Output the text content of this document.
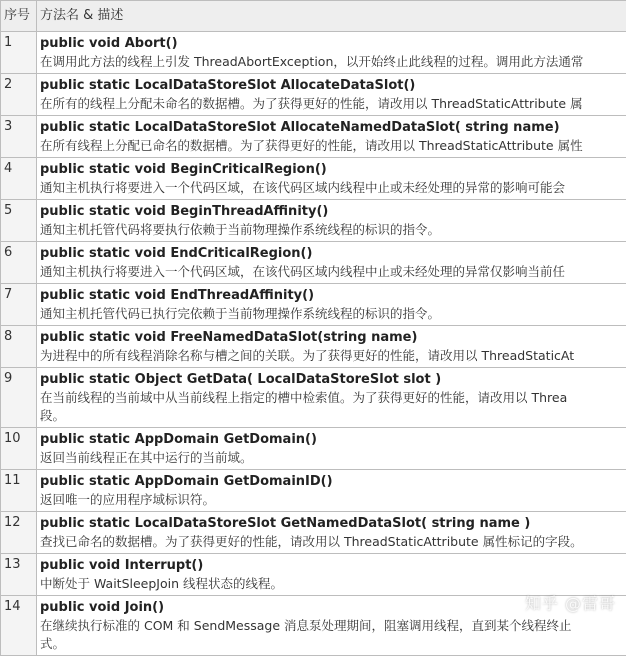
序号	方法名 & 描述
1	public void Abort()
在调用此方法的线程上引发 ThreadAbortException，以开始终止此线程的过程。调用此方法通常

2	public static LocalDataStoreSlot AllocateDataSlot()
在所有的线程上分配未命名的数据槽。为了获得更好的性能，请改用以 ThreadStaticAttribute 属

3	public static LocalDataStoreSlot AllocateNamedDataSlot( string name)
在所有线程上分配已命名的数据槽。为了获得更好的性能，请改用以 ThreadStaticAttribute 属性

4	public static void BeginCriticalRegion()
通知主机执行将要进入一个代码区域，在该代码区域内线程中止或未经处理的异常的影响可能会

5	public static void BeginThreadAffinity()
通知主机托管代码将要执行依赖于当前物理操作系统线程的标识的指令。

6	public static void EndCriticalRegion()
通知主机执行将要进入一个代码区域，在该代码区域内线程中止或未经处理的异常仅影响当前任

7	public static void EndThreadAffinity()
通知主机托管代码已执行完依赖于当前物理操作系统线程的标识的指令。

8	public static void FreeNamedDataSlot(string name)
为进程中的所有线程消除名称与槽之间的关联。为了获得更好的性能，请改用以 ThreadStaticAt

9	public static Object GetData( LocalDataStoreSlot slot )
在当前线程的当前域中从当前线程上指定的槽中检索值。为了获得更好的性能，请改用以 Threa
段。

10	public static AppDomain GetDomain()
返回当前线程正在其中运行的当前域。

11	public static AppDomain GetDomainID()
返回唯一的应用程序域标识符。

12	public static LocalDataStoreSlot GetNamedDataSlot( string name )
查找已命名的数据槽。为了获得更好的性能，请改用以 ThreadStaticAttribute 属性标记的字段。

13	public void Interrupt()
中断处于 WaitSleepJoin 线程状态的线程。

14	public void Join()
在继续执行标准的 COM 和 SendMessage 消息泵处理期间，阻塞调用线程，直到某个线程终止
式。
知乎 @雷哥
